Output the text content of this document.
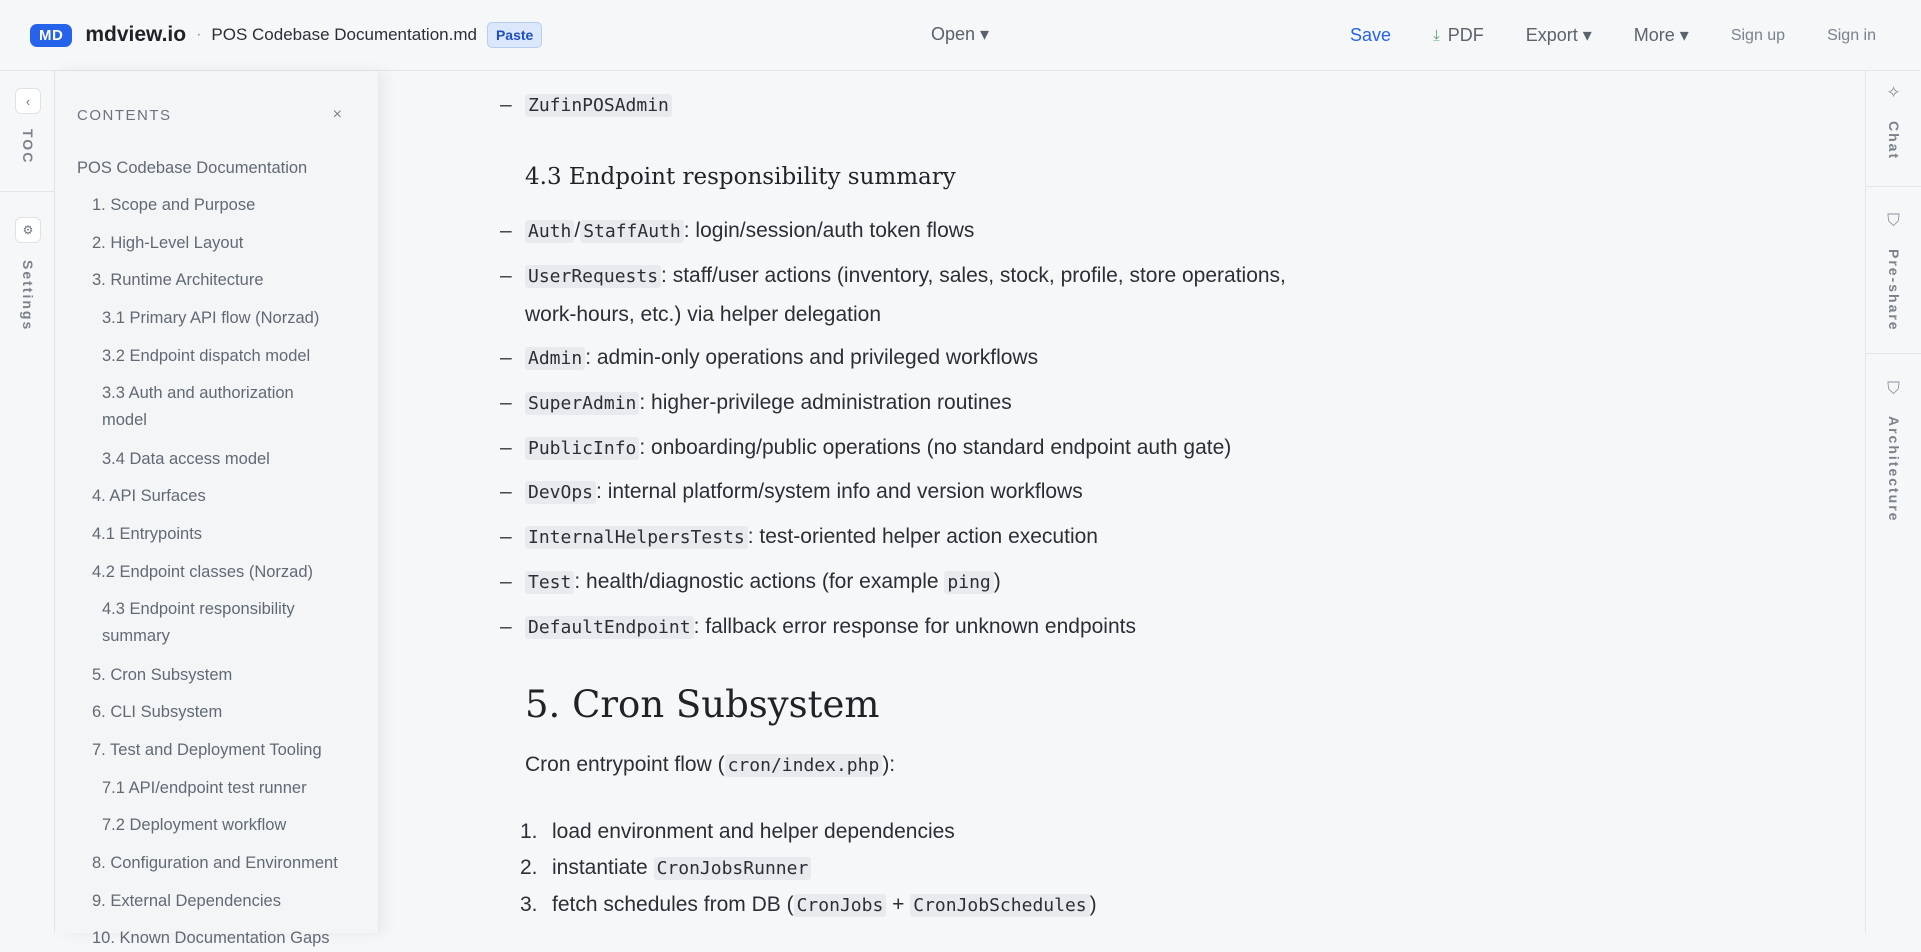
MD	mdview.io · POS Codebase Documentation.md	Paste	Open ▾	Save	⤓ PDF Export ▾ More ▾	Sign up	Sign in
‹
TOC
⚙
Settings
CONTENTS	×
POS Codebase Documentation
1. Scope and Purpose
2. High-Level Layout
3. Runtime Architecture
3.1 Primary API flow (Norzad)
3.2 Endpoint dispatch model
3.3 Auth and authorization model
3.4 Data access model
4. API Surfaces
4.1 Entrypoints
4.2 Endpoint classes (Norzad)
4.3 Endpoint responsibility summary
5. Cron Subsystem
6. CLI Subsystem
7. Test and Deployment Tooling
7.1 API/endpoint test runner
7.2 Deployment workflow
8. Configuration and Environment
9. External Dependencies
10. Known Documentation Gaps
– ZufinPOSAdmin
4.3 Endpoint responsibility summary
– Auth / StaffAuth : login/session/auth token flows
– UserRequests : staff/user actions (inventory, sales, stock, profile, store operations,
work-hours, etc.) via helper delegation
– Admin : admin-only operations and privileged workflows
– SuperAdmin : higher-privilege administration routines
– PublicInfo : onboarding/public operations (no standard endpoint auth gate)
– DevOps : internal platform/system info and version workflows
– InternalHelpersTests : test-oriented helper action execution
– Test : health/diagnostic actions (for example ping )
– DefaultEndpoint : fallback error response for unknown endpoints
5. Cron Subsystem
Cron entrypoint flow ( cron/index.php ):
1. load environment and helper dependencies
2. instantiate CronJobsRunner
3. fetch schedules from DB ( CronJobs + CronJobSchedules )
✧
Chat
⛉
Pre-share
⛉
Architecture
